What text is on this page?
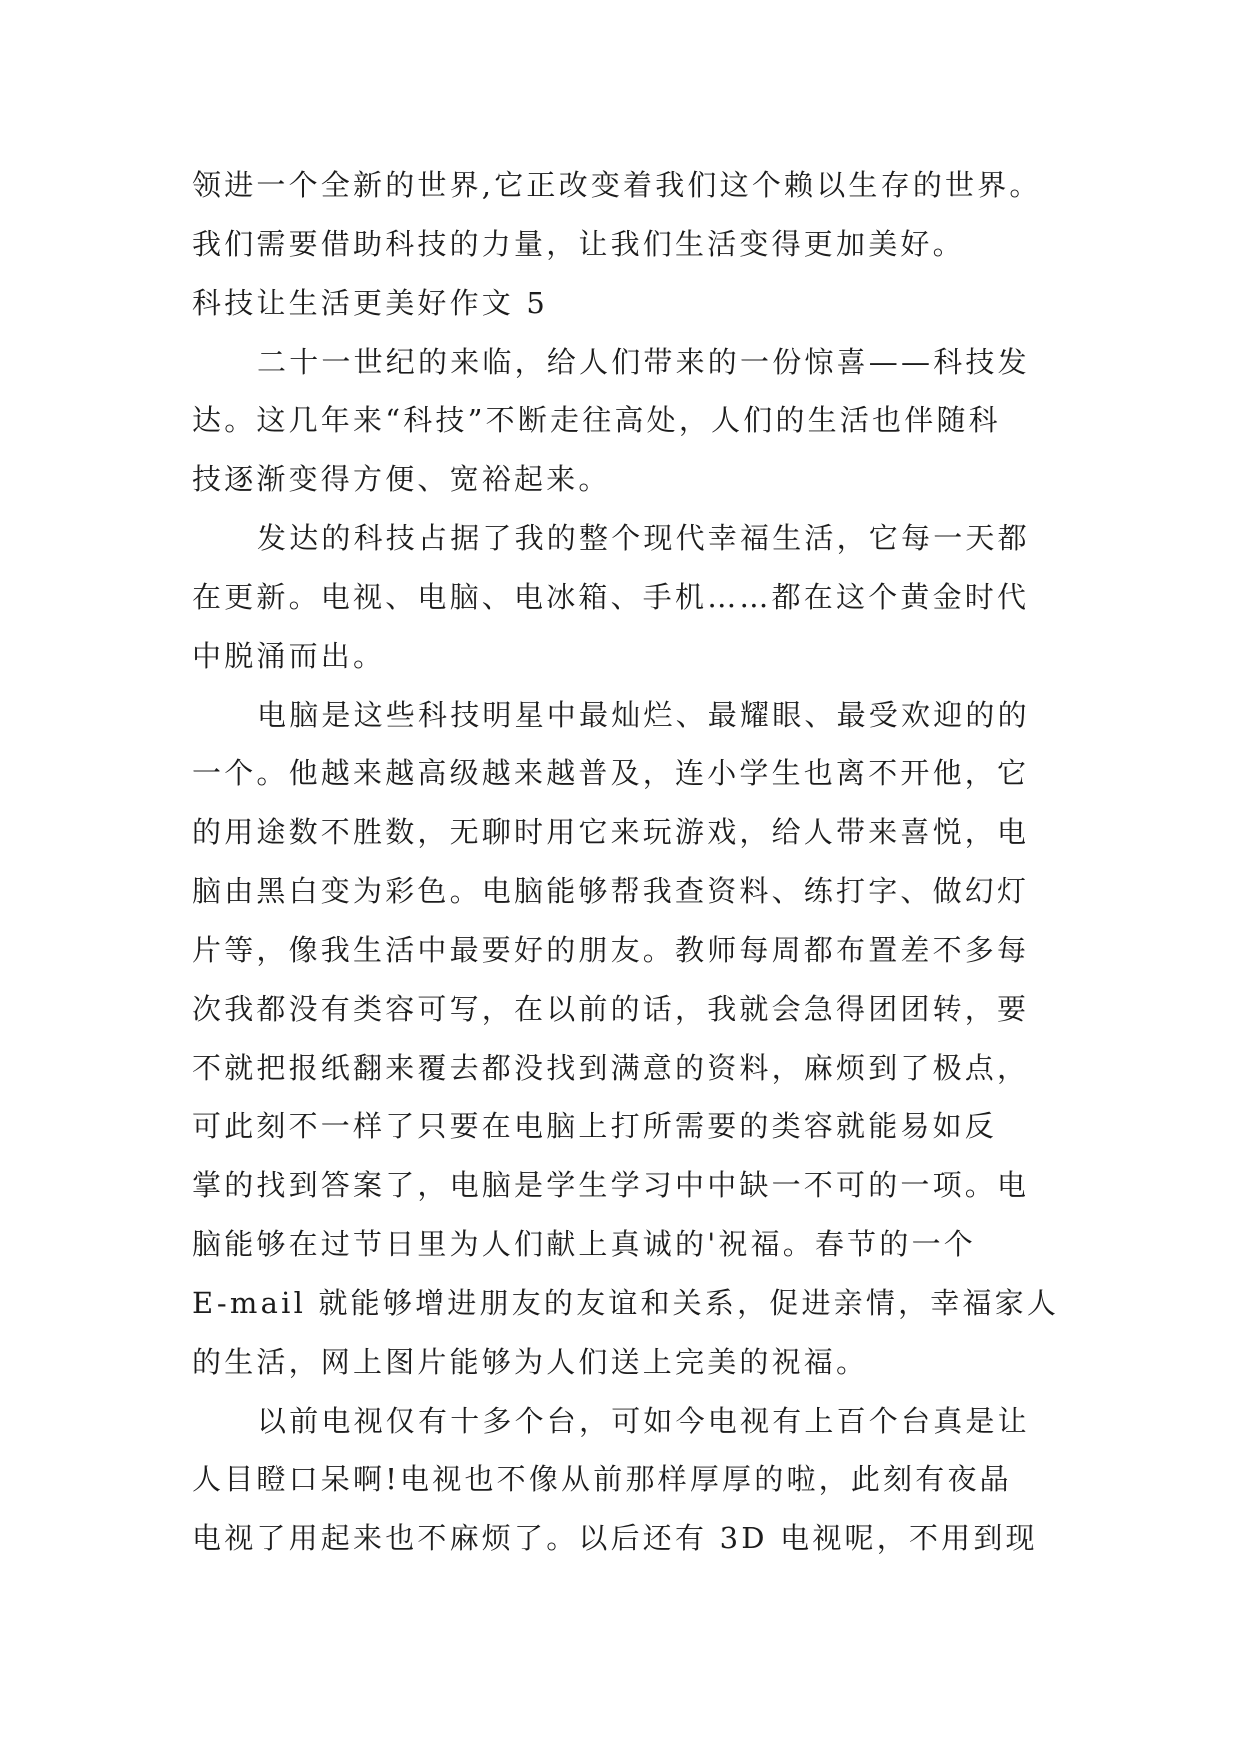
领进一个全新的世界,它正改变着我们这个赖以生存的世界。
我们需要借助科技的力量，让我们生活变得更加美好。
科技让生活更美好作文 5
二十一世纪的来临，给人们带来的一份惊喜——科技发
达。这几年来“科技”不断走往高处，人们的生活也伴随科
技逐渐变得方便、宽裕起来。
发达的科技占据了我的整个现代幸福生活，它每一天都
在更新。电视、电脑、电冰箱、手机……都在这个黄金时代
中脱涌而出。
电脑是这些科技明星中最灿烂、最耀眼、最受欢迎的的
一个。他越来越高级越来越普及，连小学生也离不开他，它
的用途数不胜数，无聊时用它来玩游戏，给人带来喜悦，电
脑由黑白变为彩色。电脑能够帮我查资料、练打字、做幻灯
片等，像我生活中最要好的朋友。教师每周都布置差不多每
次我都没有类容可写，在以前的话，我就会急得团团转，要
不就把报纸翻来覆去都没找到满意的资料，麻烦到了极点，
可此刻不一样了只要在电脑上打所需要的类容就能易如反
掌的找到答案了，电脑是学生学习中中缺一不可的一项。电
脑能够在过节日里为人们献上真诚的'祝福。春节的一个
E-mail 就能够增进朋友的友谊和关系，促进亲情，幸福家人
的生活，网上图片能够为人们送上完美的祝福。
以前电视仅有十多个台，可如今电视有上百个台真是让
人目瞪口呆啊!电视也不像从前那样厚厚的啦，此刻有夜晶
电视了用起来也不麻烦了。以后还有 3D 电视呢，不用到现
